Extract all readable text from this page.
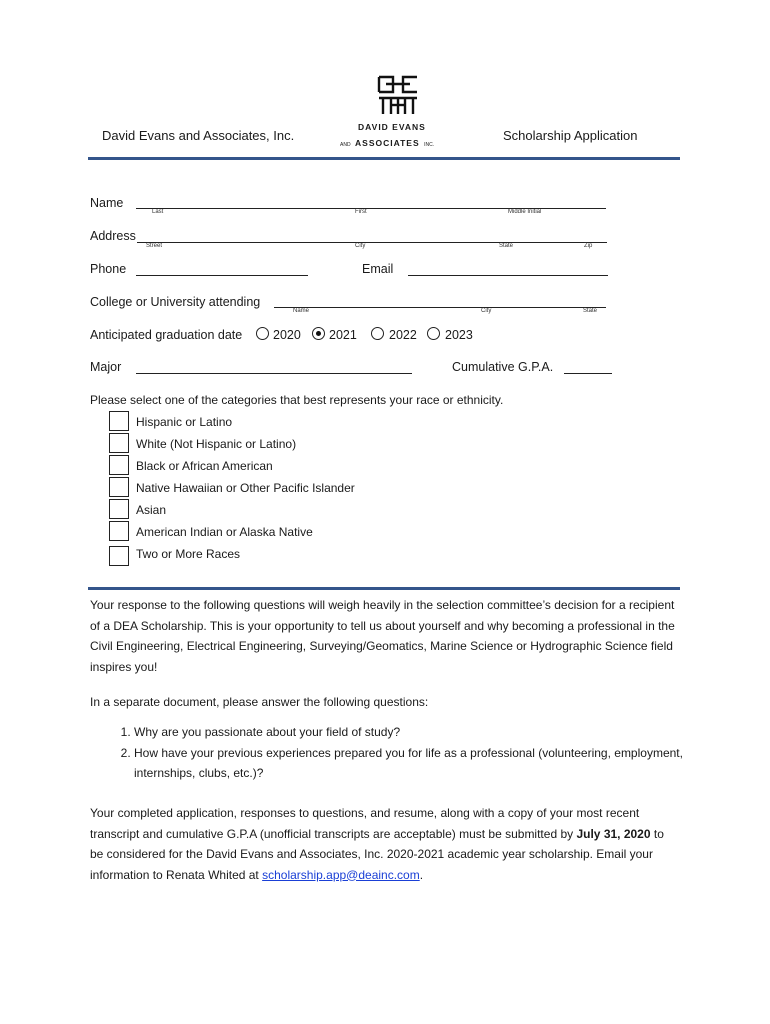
DAVID EVANS
AND ASSOCIATES INC.
David Evans and Associates, Inc.	Scholarship Application
Name
Last	First	Middle Initial
Address
Street	City	State	Zip
Phone	Email
College or University attending
Name	City	State
Anticipated graduation date 2020 2021	2022 2023
Major	Cumulative G.P.A.
Please select one of the categories that best represents your race or ethnicity.
Hispanic or Latino
White (Not Hispanic or Latino)
Black or African American
Native Hawaiian or Other Pacific Islander
Asian
American Indian or Alaska Native
Two or More Races
Your response to the following questions will weigh heavily in the selection committee’s decision for a recipient of a DEA Scholarship. This is your opportunity to tell us about yourself and why becoming a professional in the Civil Engineering, Electrical Engineering, Surveying/Geomatics, Marine Science or Hydrographic Science field inspires you!
In a separate document, please answer the following questions:
1. Why are you passionate about your field of study?
2. How have your previous experiences prepared you for life as a professional (volunteering, employment, internships, clubs, etc.)?
Your completed application, responses to questions, and resume, along with a copy of your most recent transcript and cumulative G.P.A (unofficial transcripts are acceptable) must be submitted by July 31, 2020 to be considered for the David Evans and Associates, Inc. 2020-2021 academic year scholarship. Email your information to Renata Whited at scholarship.app@deainc.com.
